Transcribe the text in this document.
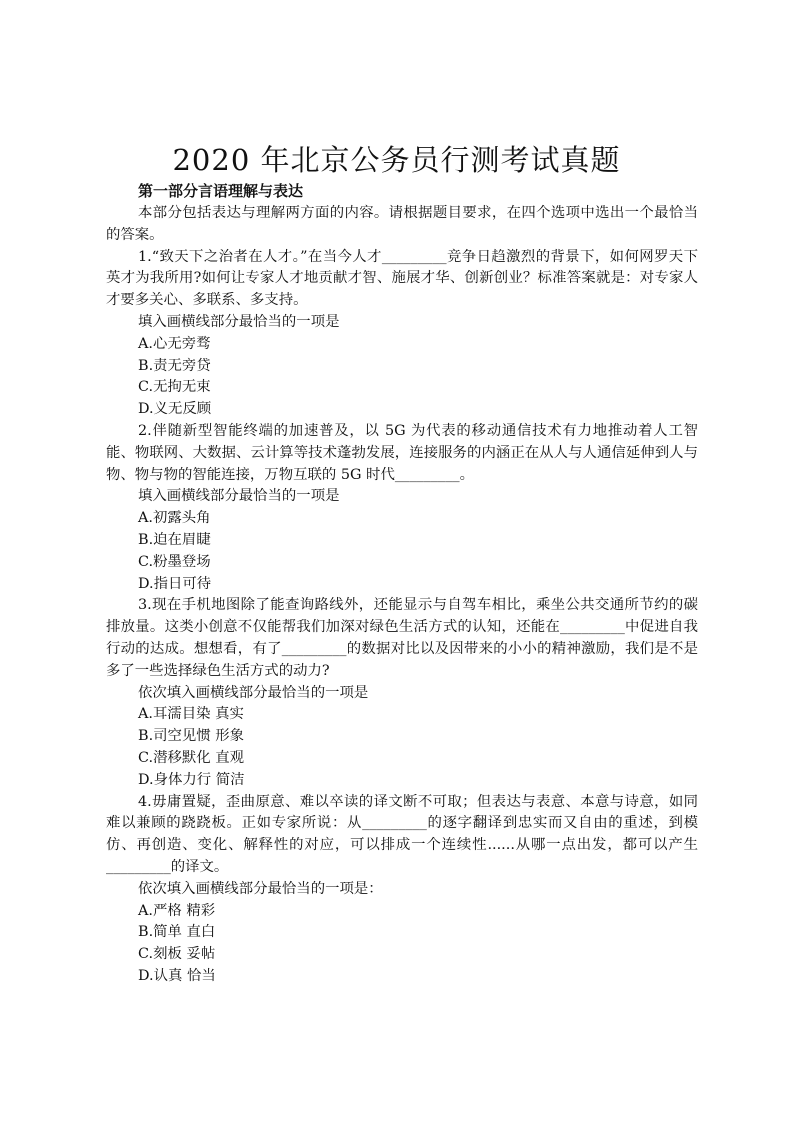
2020 年北京公务员行测考试真题
第一部分言语理解与表达

本部分包括表达与理解两方面的内容。请根据题目要求，在四个选项中选出一个最恰当的答案。

1.“致天下之治者在人才。”在当今人才_________竞争日趋激烈的背景下，如何网罗天下英才为我所用?如何让专家人才地贡献才智、施展才华、创新创业？标准答案就是：对专家人才要多关心、多联系、多支持。

填入画横线部分最恰当的一项是

A.心无旁骛

B.责无旁贷

C.无拘无束

D.义无反顾

2.伴随新型智能终端的加速普及，以 5G 为代表的移动通信技术有力地推动着人工智能、物联网、大数据、云计算等技术蓬勃发展，连接服务的内涵正在从人与人通信延伸到人与物、物与物的智能连接，万物互联的 5G 时代_________。

填入画横线部分最恰当的一项是

A.初露头角

B.迫在眉睫

C.粉墨登场

D.指日可待

3.现在手机地图除了能查询路线外，还能显示与自驾车相比，乘坐公共交通所节约的碳排放量。这类小创意不仅能帮我们加深对绿色生活方式的认知，还能在_________中促进自我行动的达成。想想看，有了_________的数据对比以及因带来的小小的精神激励，我们是不是多了一些选择绿色生活方式的动力?

依次填入画横线部分最恰当的一项是

A.耳濡目染 真实

B.司空见惯 形象

C.潜移默化 直观

D.身体力行 简洁

4.毋庸置疑，歪曲原意、难以卒读的译文断不可取；但表达与表意、本意与诗意，如同难以兼顾的跷跷板。正如专家所说：从_________的逐字翻译到忠实而又自由的重述，到模仿、再创造、变化、解释性的对应，可以排成一个连续性......从哪一点出发，都可以产生_________的译文。

依次填入画横线部分最恰当的一项是：

A.严格 精彩

B.简单 直白

C.刻板 妥帖

D.认真 恰当
